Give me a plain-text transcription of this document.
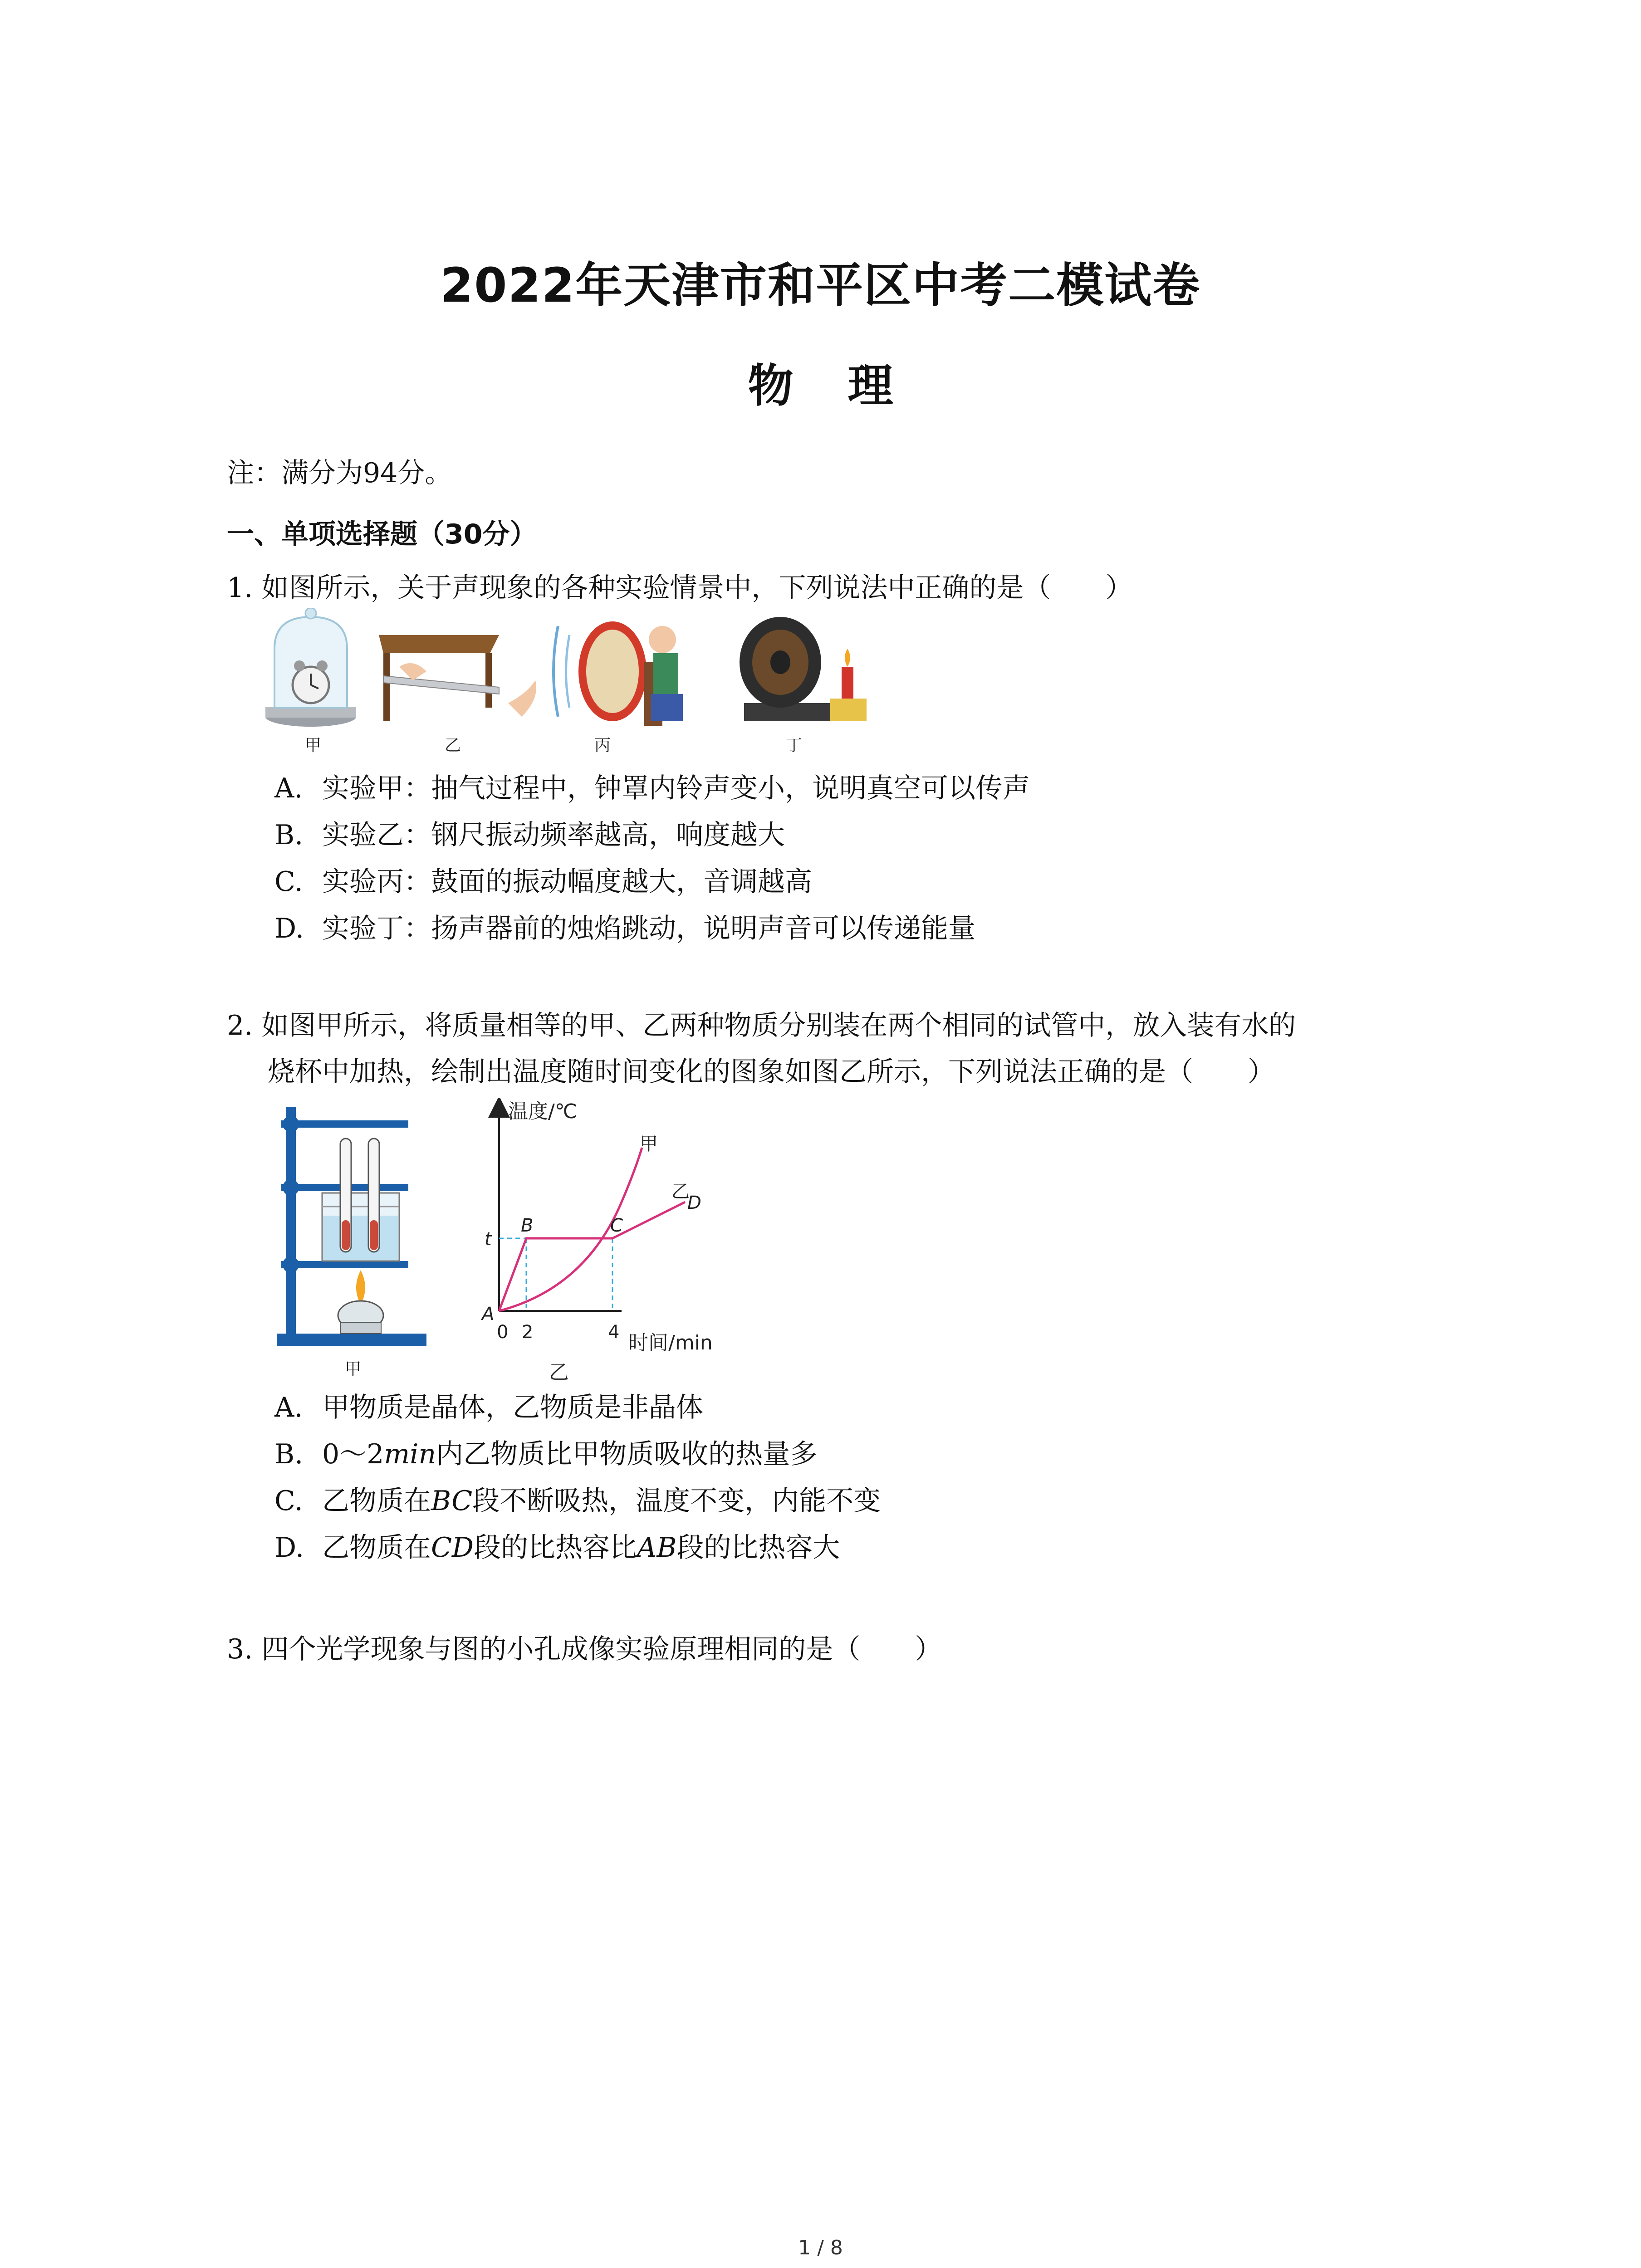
2022年天津市和平区中考二模试卷
物 理
注：满分为94分。
一、单项选择题（30分）
1. 如图所示，关于声现象的各种实验情景中，下列说法中正确的是（　　）
甲	乙	丙	丁
A. 实验甲：抽气过程中，钟罩内铃声变小，说明真空可以传声
B. 实验乙：钢尺振动频率越高，响度越大
C. 实验丙：鼓面的振动幅度越大，音调越高
D. 实验丁：扬声器前的烛焰跳动，说明声音可以传递能量
2. 如图甲所示，将质量相等的甲、乙两种物质分别装在两个相同的试管中，放入装有水的
烧杯中加热，绘制出温度随时间变化的图象如图乙所示，下列说法正确的是（　　）
甲
温度/℃
时间/min
t
0 2	4
A
B	C
D
甲
乙
乙
A. 甲物质是晶体，乙物质是非晶体
B. 0～2min内乙物质比甲物质吸收的热量多
C. 乙物质在BC段不断吸热，温度不变，内能不变
D. 乙物质在CD段的比热容比AB段的比热容大
3. 四个光学现象与图的小孔成像实验原理相同的是（　　）
1 / 8
